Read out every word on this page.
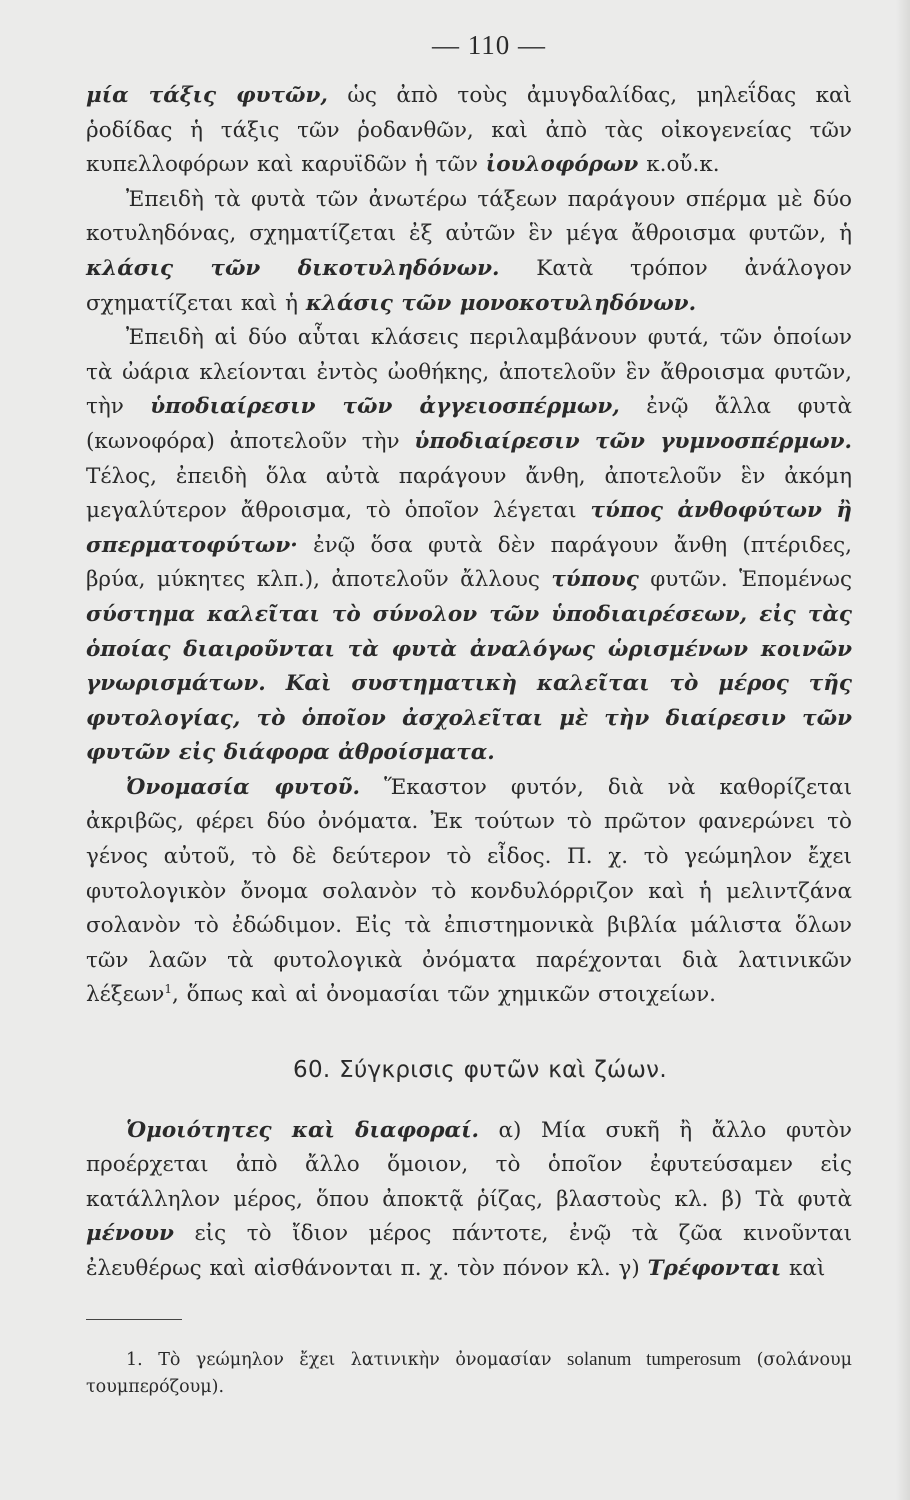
— 110 —

μία τάξις φυτῶν, ὡς ἀπὸ τοὺς ἀμυγδαλίδας, μηλεΐδας καὶ ῥοδίδας ἡ τάξις τῶν ῥοδανθῶν, καὶ ἀπὸ τὰς οἰκογενείας τῶν κυπελλοφόρων καὶ καρυϊδῶν ἡ τῶν ἰουλοφόρων κ.οὔ.κ.

Ἐπειδὴ τὰ φυτὰ τῶν ἀνωτέρω τάξεων παράγουν σπέρμα μὲ δύο κοτυληδόνας, σχηματίζεται ἐξ αὐτῶν ἓν μέγα ἄθροισμα φυτῶν, ἡ κλάσις τῶν δικοτυληδόνων. Κατὰ τρόπον ἀνάλογον σχηματίζεται καὶ ἡ κλάσις τῶν μονοκοτυληδόνων.

Ἐπειδὴ αἱ δύο αὗται κλάσεις περιλαμβάνουν φυτά, τῶν ὁποίων τὰ ὠάρια κλείονται ἐντὸς ὠοθήκης, ἀποτελοῦν ἓν ἄθροισμα φυτῶν, τὴν ὑποδιαίρεσιν τῶν ἀγγειοσπέρμων, ἐνῷ ἄλλα φυτὰ (κωνοφόρα) ἀποτελοῦν τὴν ὑποδιαίρεσιν τῶν γυμνοσπέρμων. Τέλος, ἐπειδὴ ὅλα αὐτὰ παράγουν ἄνθη, ἀποτελοῦν ἓν ἀκόμη μεγαλύτερον ἄθροισμα, τὸ ὁποῖον λέγεται τύπος ἀνθοφύτων ἢ σπερματοφύτων· ἐνῷ ὅσα φυτὰ δὲν παράγουν ἄνθη (πτέριδες, βρύα, μύκητες κλπ.), ἀποτελοῦν ἄλλους τύπους φυτῶν. Ἑπομένως σύστημα καλεῖται τὸ σύνολον τῶν ὑποδιαιρέσεων, εἰς τὰς ὁποίας διαιροῦνται τὰ φυτὰ ἀναλόγως ὡρισμένων κοινῶν γνωρισμάτων. Καὶ συστηματικὴ καλεῖται τὸ μέρος τῆς φυτολογίας, τὸ ὁποῖον ἀσχολεῖται μὲ τὴν διαίρεσιν τῶν φυτῶν εἰς διάφορα ἀθροίσματα.

Ὀνομασία φυτοῦ. Ἕκαστον φυτόν, διὰ νὰ καθορίζεται ἀκριβῶς, φέρει δύο ὀνόματα. Ἐκ τούτων τὸ πρῶτον φανερώνει τὸ γένος αὐτοῦ, τὸ δὲ δεύτερον τὸ εἶδος. Π. χ. τὸ γεώμηλον ἔχει φυτολογικὸν ὄνομα σολανὸν τὸ κονδυλόρριζον καὶ ἡ μελιντζάνα σολανὸν τὸ ἐδώδιμον. Εἰς τὰ ἐπιστημονικὰ βιβλία μάλιστα ὅλων τῶν λαῶν τὰ φυτολογικὰ ὀνόματα παρέχονται διὰ λατινικῶν λέξεων$^1$, ὅπως καὶ αἱ ὀνομασίαι τῶν χημικῶν στοιχείων.

60. Σύγκρισις φυτῶν καὶ ζώων.

Ὁμοιότητες καὶ διαφοραί. α) Μία συκῆ ἢ ἄλλο φυτὸν προέρχεται ἀπὸ ἄλλο ὅμοιον, τὸ ὁποῖον ἐφυτεύσαμεν εἰς κατάλληλον μέρος, ὅπου ἀποκτᾷ ῥίζας, βλαστοὺς κλ. β) Τὰ φυτὰ μένουν εἰς τὸ ἴδιον μέρος πάντοτε, ἐνῷ τὰ ζῶα κινοῦνται ἐλευθέρως καὶ αἰσθάνονται π. χ. τὸν πόνον κλ. γ) Τρέφονται καὶ

1. Τὸ γεώμηλον ἔχει λατινικὴν ὀνομασίαν solanum tumperosum (σολάνουμ τουμπερόζουμ).
